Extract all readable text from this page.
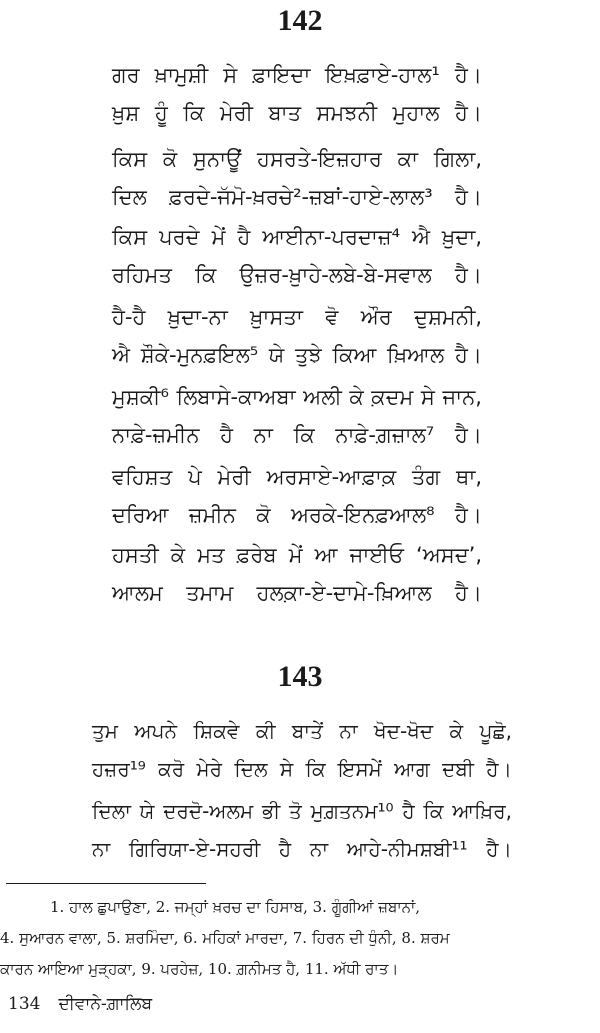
142
ਗਰ ਖ਼ਾਮੁਸ਼ੀ ਸੇ ਫ਼ਾਇਦਾ ਇਖ਼ਫ਼ਾਏ-ਹਾਲ¹ ਹੈ।
ਖ਼ੁਸ਼ ਹੂੰ ਕਿ ਮੇਰੀ ਬਾਤ ਸਮਝਨੀ ਮੁਹਾਲ ਹੈ।
ਕਿਸ ਕੋ ਸੁਨਾਊਂ ਹਸਰਤੇ-ਇਜ਼ਹਾਰ ਕਾ ਗਿਲਾ,
ਦਿਲ ਫ਼ਰਦੇ-ਜੱਮੋ-ਖ਼ਰਚੇ²-ਜ਼ਬਾਂ-ਹਾਏ-ਲਾਲ³ ਹੈ।
ਕਿਸ ਪਰਦੇ ਮੇਂ ਹੈ ਆਈਨਾ-ਪਰਦਾਜ਼⁴ ਐ ਖ਼ੁਦਾ,
ਰਹਿਮਤ ਕਿ ਉਜ਼ਰ-ਖ਼ੁਾਹੇ-ਲਬੇ-ਬੇ-ਸਵਾਲ ਹੈ।
ਹੈ-ਹੈ ਖ਼ੁਦਾ-ਨਾ ਖ਼ੁਾਸਤਾ ਵੋ ਔਰ ਦੁਸ਼ਮਨੀ,
ਐ ਸ਼ੌਕੇ-ਮੁਨਫ਼ਇਲ⁵ ਯੇ ਤੁਝੇ ਕਿਆ ਖ਼ਿਆਲ ਹੈ।
ਮੁਸ਼ਕੀ⁶ ਲਿਬਾਸੇ-ਕਾਅਬਾ ਅਲੀ ਕੇ ਕ਼ਦਮ ਸੇ ਜਾਨ,
ਨਾਫ਼ੇ-ਜ਼ਮੀਨ ਹੈ ਨਾ ਕਿ ਨਾਫ਼ੇ-ਗ਼ਜ਼ਾਲ⁷ ਹੈ।
ਵਹਿਸ਼ਤ ਪੇ ਮੇਰੀ ਅਰਸਾਏ-ਆਫ਼ਾਕ਼ ਤੰਗ ਥਾ,
ਦਰਿਆ ਜ਼ਮੀਨ ਕੋ ਅਰਕੇ-ਇਨਫ਼ਆਲ⁸ ਹੈ।
ਹਸਤੀ ਕੇ ਮਤ ਫ਼ਰੇਬ ਮੇਂ ਆ ਜਾਈਓ ‘ਅਸਦ’,
ਆਲਮ ਤਮਾਮ ਹਲਕ਼ਾ-ਏ-ਦਾਮੇ-ਖ਼ਿਆਲ ਹੈ।
143
ਤੁਮ ਅਪਨੇ ਸ਼ਿਕਵੇ ਕੀ ਬਾਤੇਂ ਨਾ ਖੋਦ-ਖੋਦ ਕੇ ਪੂਛੋ,
ਹਜ਼ਰ¹⁹ ਕਰੋ ਮੇਰੇ ਦਿਲ ਸੇ ਕਿ ਇਸਮੇਂ ਆਗ ਦਬੀ ਹੈ।
ਦਿਲਾ ਯੇ ਦਰਦੋ-ਅਲਮ ਭੀ ਤੋ ਮੁਗ਼ਤਨਮ¹⁰ ਹੈ ਕਿ ਆਖ਼ਿਰ,
ਨਾ ਗਿਰਿਯਾ-ਏ-ਸਹਰੀ ਹੈ ਨਾ ਆਹੇ-ਨੀਮਸ਼ਬੀ¹¹ ਹੈ।
1. ਹਾਲ ਛੁਪਾਉਣਾ, 2. ਜਮ੍ਹਾਂ ਖ਼ਰਚ ਦਾ ਹਿਸਾਬ, 3. ਗੂੰਗੀਆਂ ਜ਼ਬਾਨਾਂ,
4. ਸੁਆਰਨ ਵਾਲਾ, 5. ਸ਼ਰਮਿੰਦਾ, 6. ਮਹਿਕਾਂ ਮਾਰਦਾ, 7. ਹਿਰਨ ਦੀ ਧੁੰਨੀ, 8. ਸ਼ਰਮ
ਕਾਰਨ ਆਇਆ ਮੁੜ੍ਹਕਾ, 9. ਪਰਹੇਜ਼, 10. ਗ਼ਨੀਮਤ ਹੈ, 11. ਅੱਧੀ ਰਾਤ।
134 ਦੀਵਾਨੇ-ਗ਼ਾਲਿਬ
